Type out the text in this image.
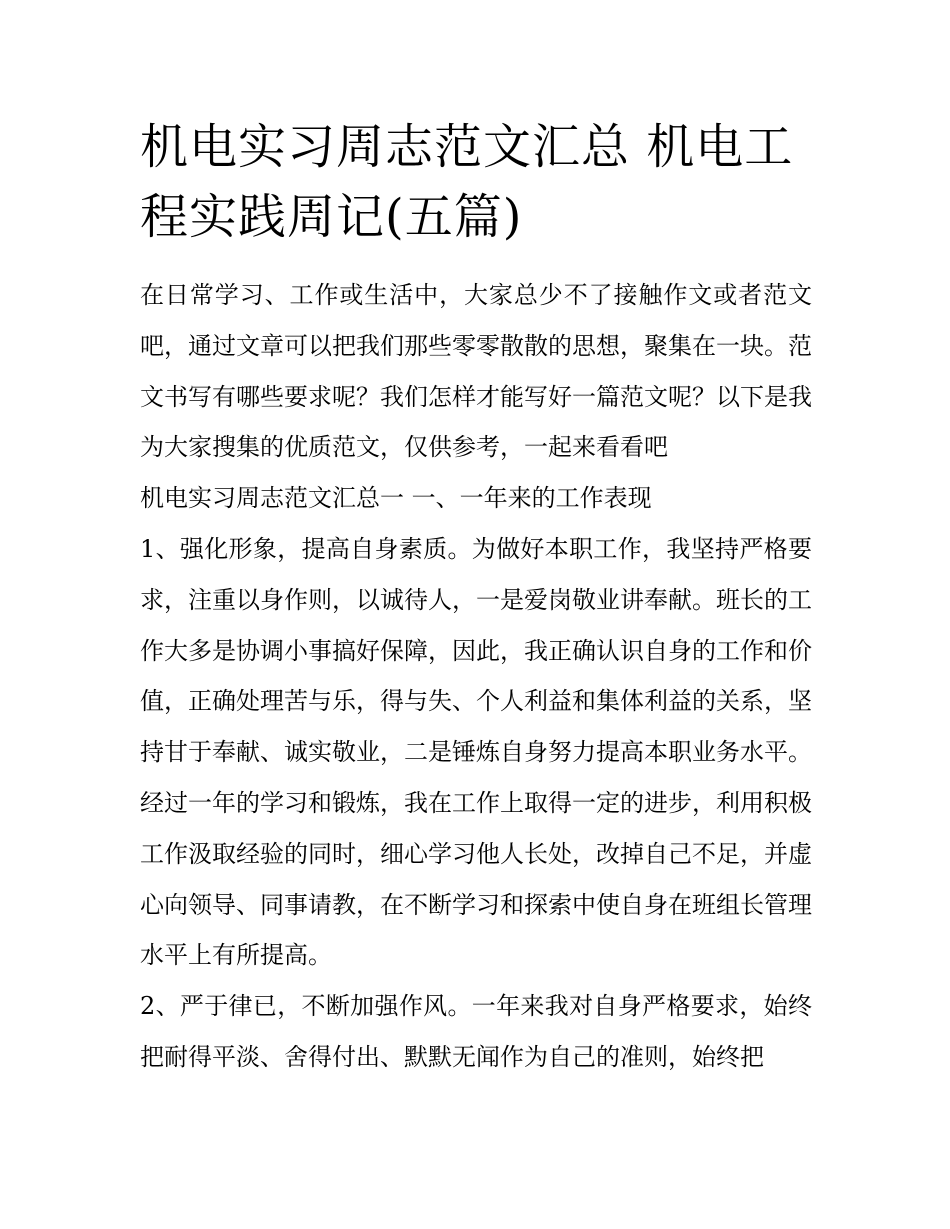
机电实习周志范文汇总 机电工程实践周记(五篇)

在日常学习、工作或生活中，大家总少不了接触作文或者范文吧，通过文章可以把我们那些零零散散的思想，聚集在一块。范文书写有哪些要求呢？我们怎样才能写好一篇范文呢？以下是我为大家搜集的优质范文，仅供参考，一起来看看吧

机电实习周志范文汇总一 一、一年来的工作表现

1、强化形象，提高自身素质。为做好本职工作，我坚持严格要求，注重以身作则，以诚待人，一是爱岗敬业讲奉献。班长的工作大多是协调小事搞好保障，因此，我正确认识自身的工作和价值，正确处理苦与乐，得与失、个人利益和集体利益的关系，坚持甘于奉献、诚实敬业，二是锤炼自身努力提高本职业务水平。经过一年的学习和锻炼，我在工作上取得一定的进步，利用积极工作汲取经验的同时，细心学习他人长处，改掉自己不足，并虚心向领导、同事请教，在不断学习和探索中使自身在班组长管理水平上有所提高。

2、严于律已，不断加强作风。一年来我对自身严格要求，始终把耐得平淡、舍得付出、默默无闻作为自己的准则，始终把
